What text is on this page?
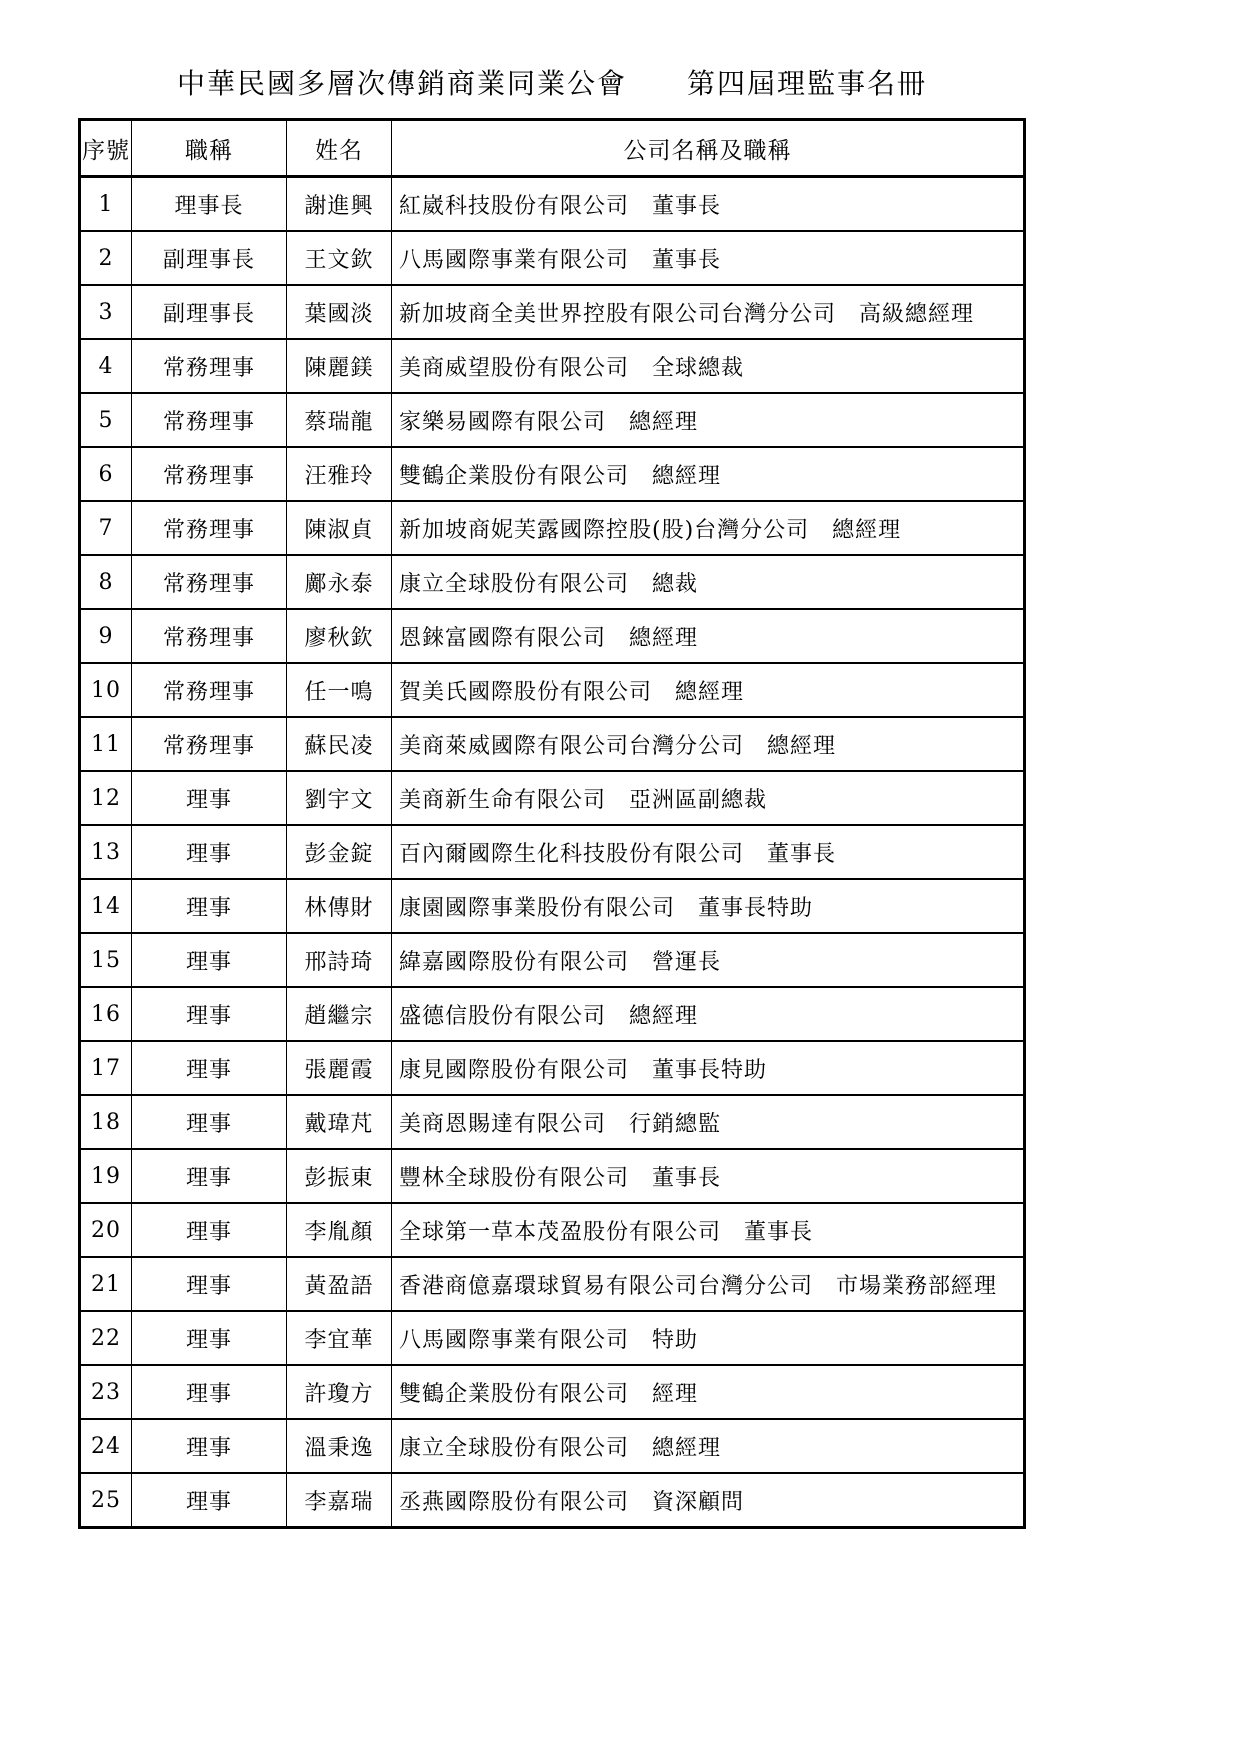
中華民國多層次傳銷商業同業公會　　第四屆理監事名冊
序號	職稱	姓名	公司名稱及職稱
1	理事長	謝進興	紅崴科技股份有限公司　董事長
2	副理事長	王文欽	八馬國際事業有限公司　董事長
3	副理事長	葉國淡	新加坡商全美世界控股有限公司台灣分公司　高級總經理
4	常務理事	陳麗鎂	美商威望股份有限公司　全球總裁
5	常務理事	蔡瑞龍	家樂易國際有限公司　總經理
6	常務理事	汪雅玲	雙鶴企業股份有限公司　總經理
7	常務理事	陳淑貞	新加坡商妮芙露國際控股(股)台灣分公司　總經理
8	常務理事	鄺永泰	康立全球股份有限公司　總裁
9	常務理事	廖秋欽	恩錸富國際有限公司　總經理
10	常務理事	任一鳴	賀美氏國際股份有限公司　總經理
11	常務理事	蘇民凌	美商萊威國際有限公司台灣分公司　總經理
12	理事	劉宇文	美商新生命有限公司　亞洲區副總裁
13	理事	彭金錠	百內爾國際生化科技股份有限公司　董事長
14	理事	林傳財	康園國際事業股份有限公司　董事長特助
15	理事	邢詩琦	緯嘉國際股份有限公司　營運長
16	理事	趙繼宗	盛德信股份有限公司　總經理
17	理事	張麗霞	康見國際股份有限公司　董事長特助
18	理事	戴瑋芃	美商恩賜達有限公司　行銷總監
19	理事	彭振東	豐林全球股份有限公司　董事長
20	理事	李胤顏	全球第一草本茂盈股份有限公司　董事長
21	理事	黃盈語	香港商億嘉環球貿易有限公司台灣分公司　市場業務部經理
22	理事	李宜華	八馬國際事業有限公司　特助
23	理事	許瓊方	雙鶴企業股份有限公司　經理
24	理事	溫秉逸	康立全球股份有限公司　總經理
25	理事	李嘉瑞	丞燕國際股份有限公司　資深顧問
